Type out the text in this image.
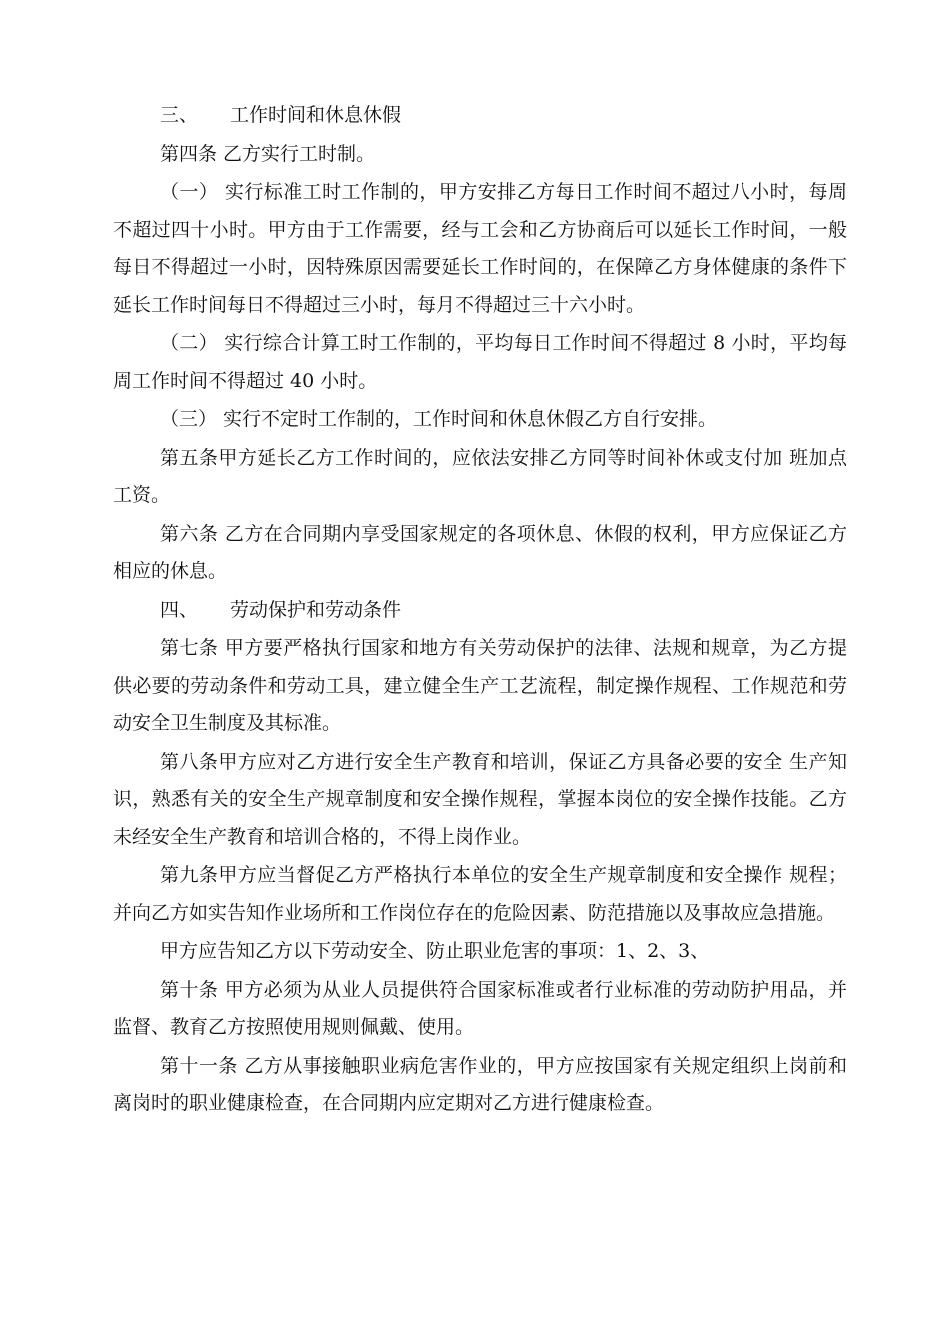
三、 工作时间和休息休假

第四条 乙方实行工时制。

（一） 实行标准工时工作制的，甲方安排乙方每日工作时间不超过八小时，每周不超过四十小时。甲方由于工作需要，经与工会和乙方协商后可以延长工作时间，一般每日不得超过一小时，因特殊原因需要延长工作时间的，在保障乙方身体健康的条件下延长工作时间每日不得超过三小时，每月不得超过三十六小时。

（二） 实行综合计算工时工作制的，平均每日工作时间不得超过 8 小时，平均每周工作时间不得超过 40 小时。

（三） 实行不定时工作制的，工作时间和休息休假乙方自行安排。

第五条甲方延长乙方工作时间的，应依法安排乙方同等时间补休或支付加 班加点工资。

第六条 乙方在合同期内享受国家规定的各项休息、休假的权利，甲方应保证乙方相应的休息。

四、 劳动保护和劳动条件

第七条 甲方要严格执行国家和地方有关劳动保护的法律、法规和规章，为乙方提供必要的劳动条件和劳动工具，建立健全生产工艺流程，制定操作规程、工作规范和劳动安全卫生制度及其标准。

第八条甲方应对乙方进行安全生产教育和培训，保证乙方具备必要的安全 生产知识，熟悉有关的安全生产规章制度和安全操作规程，掌握本岗位的安全操作技能。乙方未经安全生产教育和培训合格的，不得上岗作业。

第九条甲方应当督促乙方严格执行本单位的安全生产规章制度和安全操作 规程；并向乙方如实告知作业场所和工作岗位存在的危险因素、防范措施以及事故应急措施。

甲方应告知乙方以下劳动安全、防止职业危害的事项：1、2、3、

第十条 甲方必须为从业人员提供符合国家标准或者行业标准的劳动防护用品，并监督、教育乙方按照使用规则佩戴、使用。

第十一条 乙方从事接触职业病危害作业的，甲方应按国家有关规定组织上岗前和离岗时的职业健康检查，在合同期内应定期对乙方进行健康检查。
